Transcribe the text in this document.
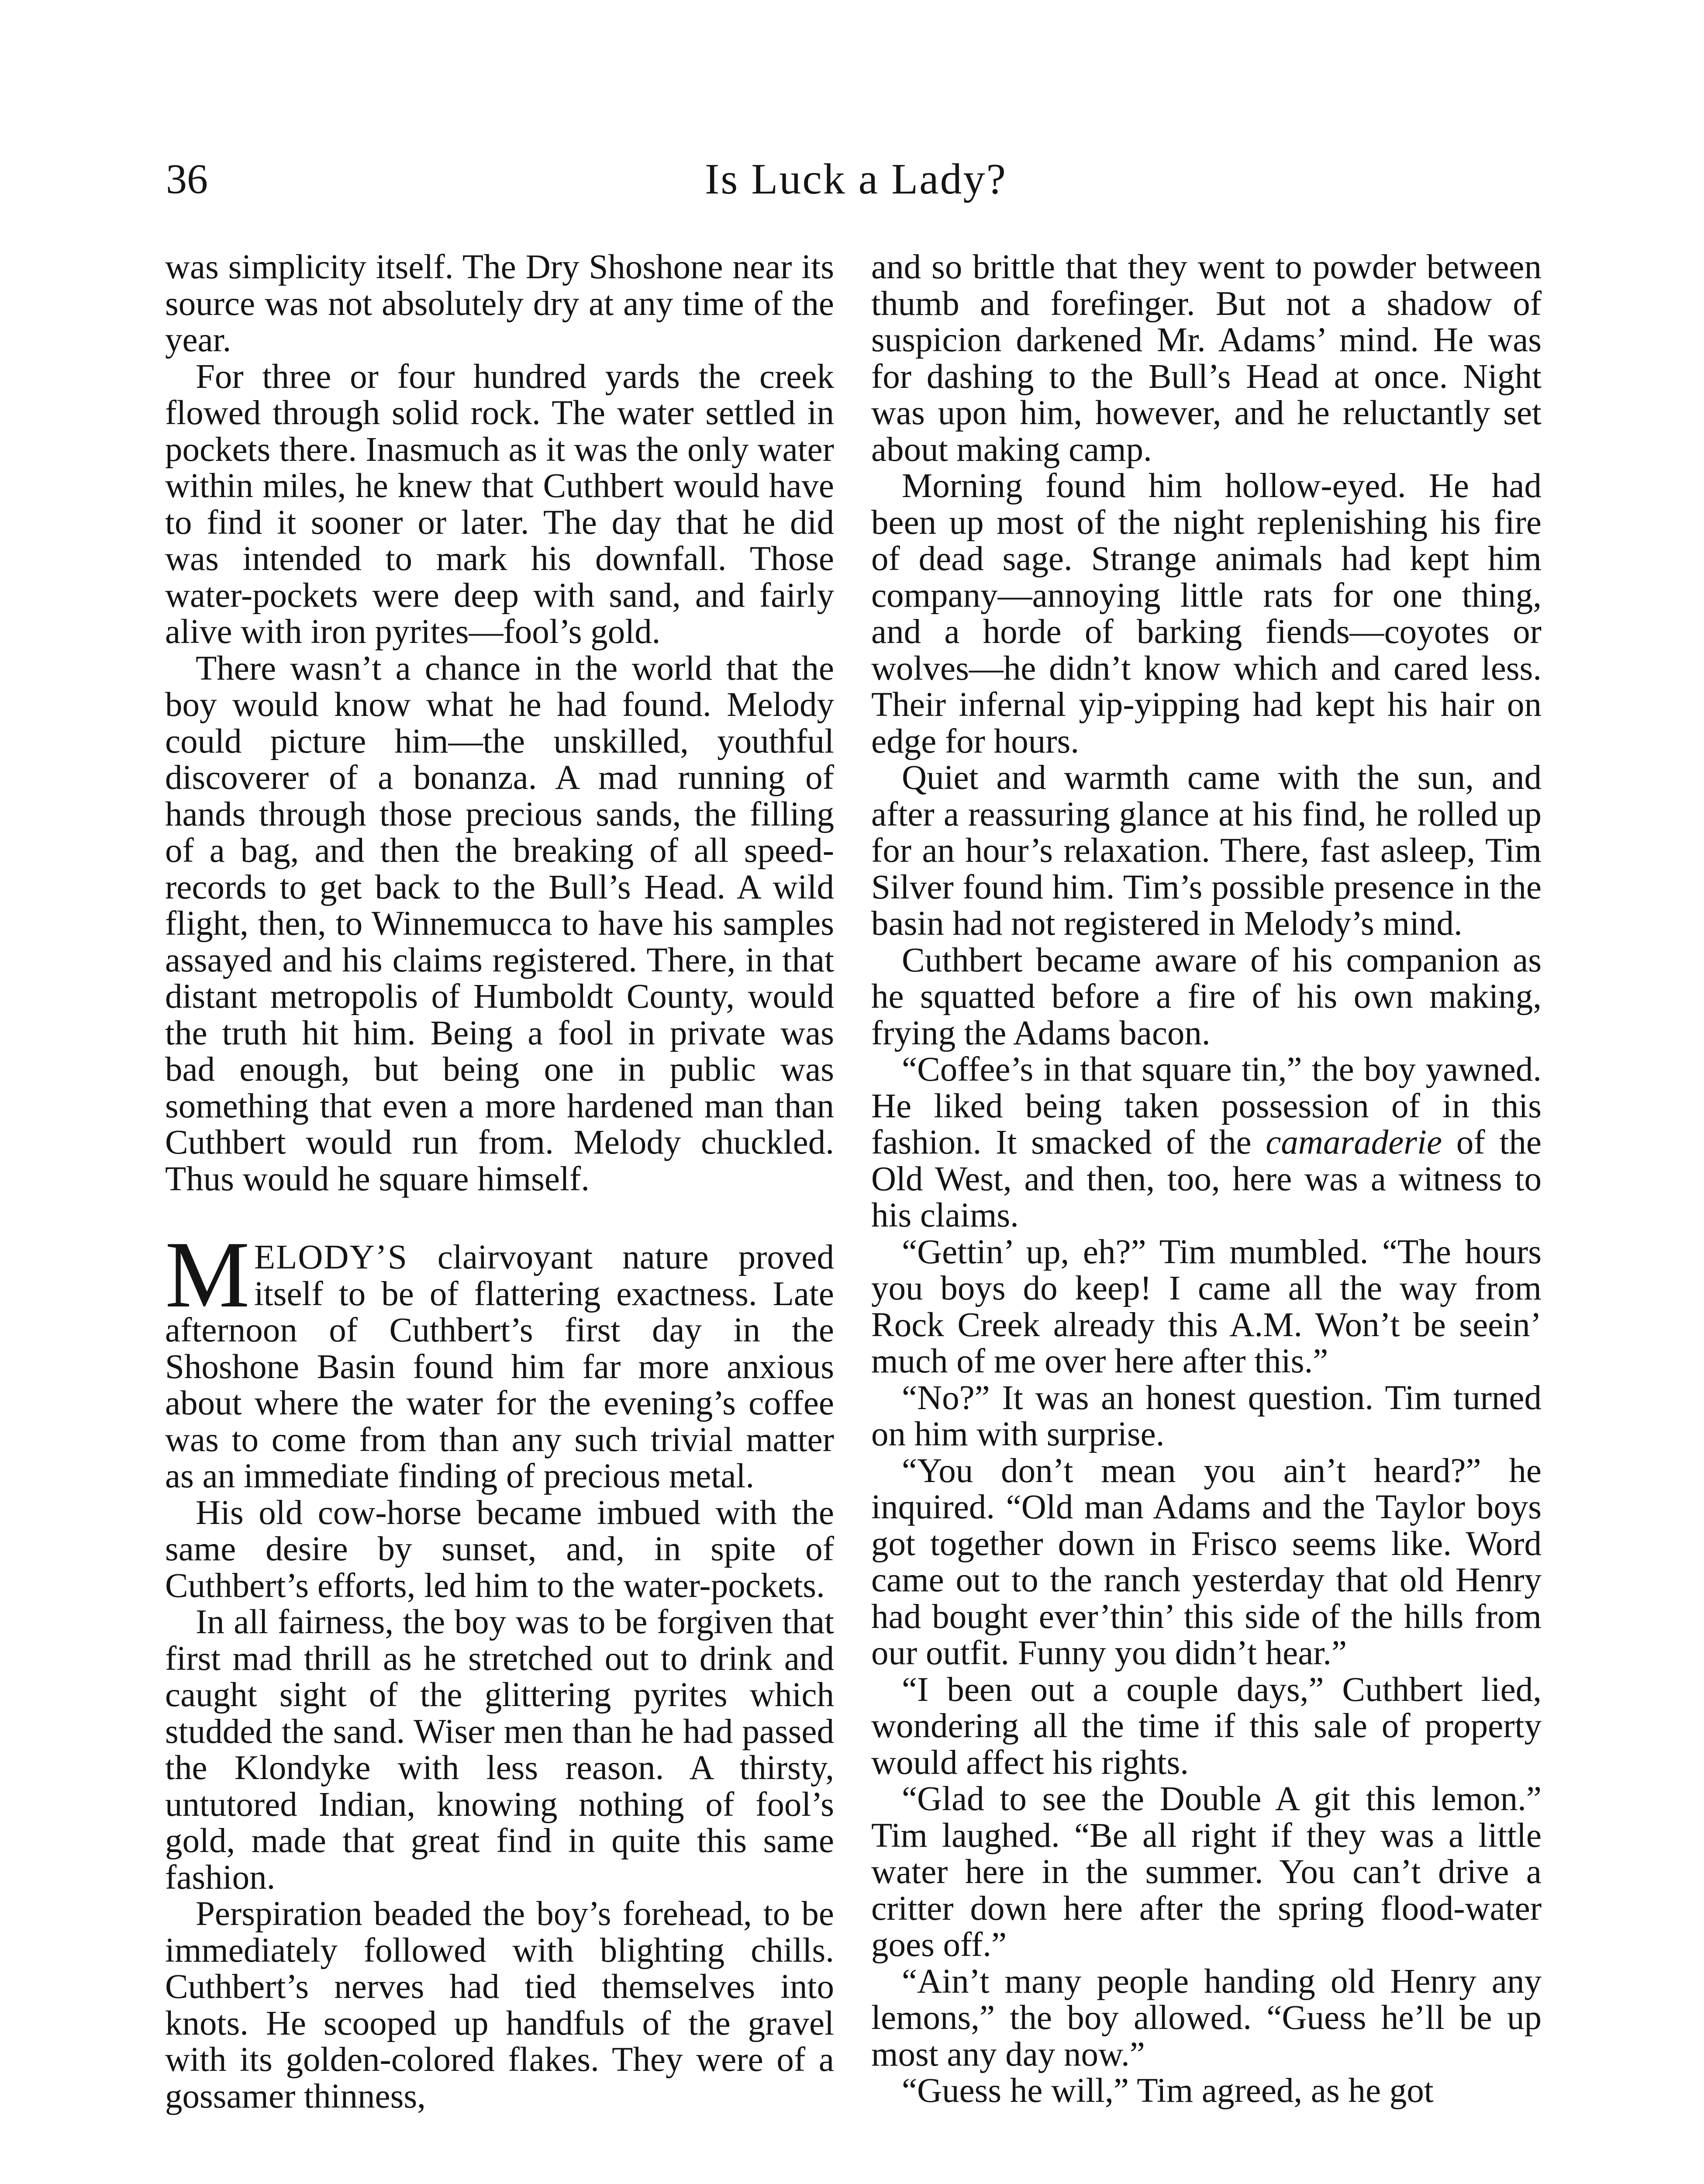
36	Is Luck a Lady?

was simplicity itself. The Dry Shoshone near its source was not absolutely dry at any time of the year.

For three or four hundred yards the creek flowed through solid rock. The water settled in pockets there. Inasmuch as it was the only water within miles, he knew that Cuthbert would have to find it sooner or later. The day that he did was intended to mark his downfall. Those water-pockets were deep with sand, and fairly alive with iron pyrites—fool’s gold.

There wasn’t a chance in the world that the boy would know what he had found. Melody could picture him—the unskilled, youthful discoverer of a bonanza. A mad running of hands through those precious sands, the filling of a bag, and then the breaking of all speed-records to get back to the Bull’s Head. A wild flight, then, to Winnemucca to have his samples assayed and his claims registered. There, in that distant metropolis of Humboldt County, would the truth hit him. Being a fool in private was bad enough, but being one in public was something that even a more hardened man than Cuthbert would run from. Melody chuckled. Thus would he square himself.

MELODY’S clairvoyant nature proved itself to be of flattering exactness. Late afternoon of Cuthbert’s first day in the Shoshone Basin found him far more anxious about where the water for the evening’s coffee was to come from than any such trivial matter as an immediate finding of precious metal.

His old cow-horse became imbued with the same desire by sunset, and, in spite of Cuthbert’s efforts, led him to the water-pockets.

In all fairness, the boy was to be forgiven that first mad thrill as he stretched out to drink and caught sight of the glittering pyrites which studded the sand. Wiser men than he had passed the Klondyke with less reason. A thirsty, untutored Indian, knowing nothing of fool’s gold, made that great find in quite this same fashion.

Perspiration beaded the boy’s forehead, to be immediately followed with blighting chills. Cuthbert’s nerves had tied themselves into knots. He scooped up handfuls of the gravel with its golden-colored flakes. They were of a gossamer thinness,

and so brittle that they went to powder between thumb and forefinger. But not a shadow of suspicion darkened Mr. Adams’ mind. He was for dashing to the Bull’s Head at once. Night was upon him, however, and he reluctantly set about making camp.

Morning found him hollow-eyed. He had been up most of the night replenishing his fire of dead sage. Strange animals had kept him company—annoying little rats for one thing, and a horde of barking fiends—coyotes or wolves—he didn’t know which and cared less. Their infernal yip-yipping had kept his hair on edge for hours.

Quiet and warmth came with the sun, and after a reassuring glance at his find, he rolled up for an hour’s relaxation. There, fast asleep, Tim Silver found him. Tim’s possible presence in the basin had not registered in Melody’s mind.

Cuthbert became aware of his companion as he squatted before a fire of his own making, frying the Adams bacon.

“Coffee’s in that square tin,” the boy yawned. He liked being taken possession of in this fashion. It smacked of the camaraderie of the Old West, and then, too, here was a witness to his claims.

“Gettin’ up, eh?” Tim mumbled. “The hours you boys do keep! I came all the way from Rock Creek already this A.M. Won’t be seein’ much of me over here after this.”

“No?” It was an honest question. Tim turned on him with surprise.

“You don’t mean you ain’t heard?” he inquired. “Old man Adams and the Taylor boys got together down in Frisco seems like. Word came out to the ranch yesterday that old Henry had bought ever’thin’ this side of the hills from our outfit. Funny you didn’t hear.”

“I been out a couple days,” Cuthbert lied, wondering all the time if this sale of property would affect his rights.

“Glad to see the Double A git this lemon.” Tim laughed. “Be all right if they was a little water here in the summer. You can’t drive a critter down here after the spring flood-water goes off.”

“Ain’t many people handing old Henry any lemons,” the boy allowed. “Guess he’ll be up most any day now.”

“Guess he will,” Tim agreed, as he got
